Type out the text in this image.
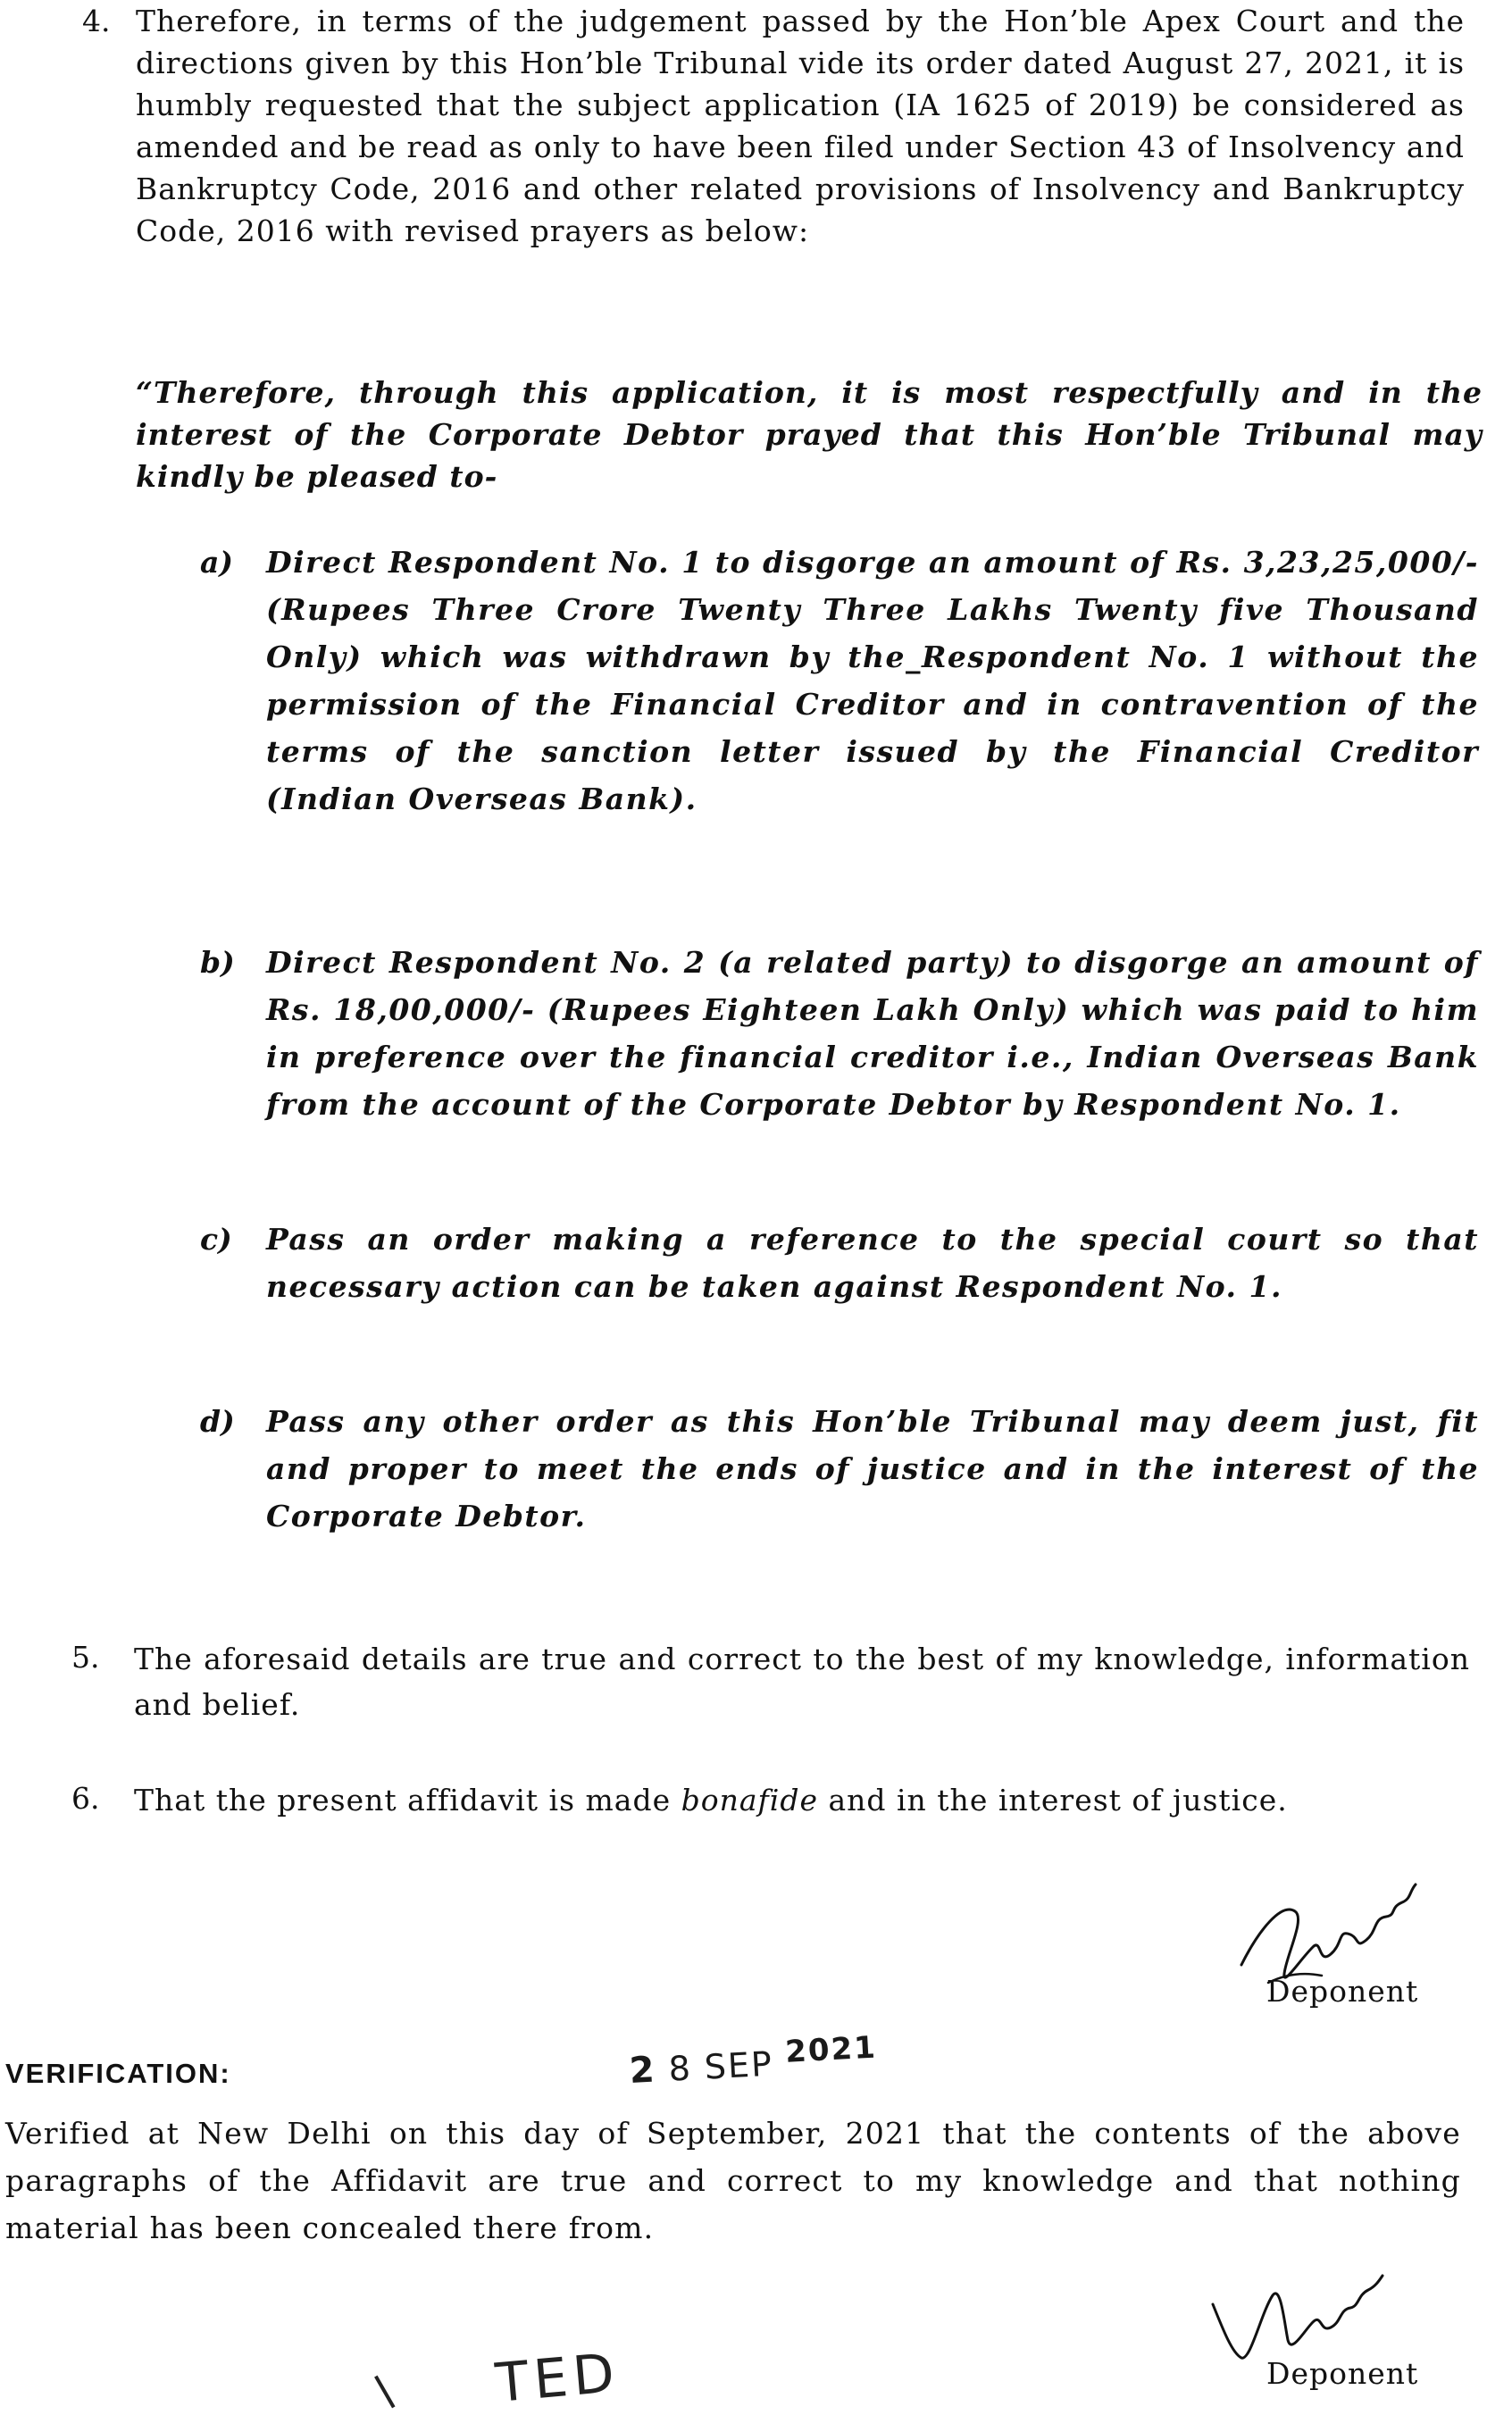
4. Therefore, in terms of the judgement passed by the Hon’ble Apex Court and the directions given by this Hon’ble Tribunal vide its order dated August 27, 2021, it is humbly requested that the subject application (IA 1625 of 2019) be considered as amended and be read as only to have been filed under Section 43 of Insolvency and Bankruptcy Code, 2016 and other related provisions of Insolvency and Bankruptcy Code, 2016 with revised prayers as below:
“Therefore, through this application, it is most respectfully and in the interest of the Corporate Debtor prayed that this Hon’ble Tribunal may kindly be pleased to-
a) Direct Respondent No. 1 to disgorge an amount of Rs. 3,23,25,000/- (Rupees Three Crore Twenty Three Lakhs Twenty five Thousand Only) which was withdrawn by the_Respondent No. 1 without the permission of the Financial Creditor and in contravention of the terms of the sanction letter issued by the Financial Creditor (Indian Overseas Bank).
b) Direct Respondent No. 2 (a related party) to disgorge an amount of Rs. 18,00,000/- (Rupees Eighteen Lakh Only) which was paid to him in preference over the financial creditor i.e., Indian Overseas Bank from the account of the Corporate Debtor by Respondent No. 1.
c) Pass an order making a reference to the special court so that necessary action can be taken against Respondent No. 1.
d) Pass any other order as this Hon’ble Tribunal may deem just, fit and proper to meet the ends of justice and in the interest of the Corporate Debtor.
5. The aforesaid details are true and correct to the best of my knowledge, information and belief.
6. That the present affidavit is made bonafide and in the interest of justice.
Deponent
VERIFICATION:	2 8 SEP 2021
Verified at New Delhi on this day of September, 2021 that the contents of the above paragraphs of the Affidavit are true and correct to my knowledge and that nothing material has been concealed there from.
Deponent
TED
